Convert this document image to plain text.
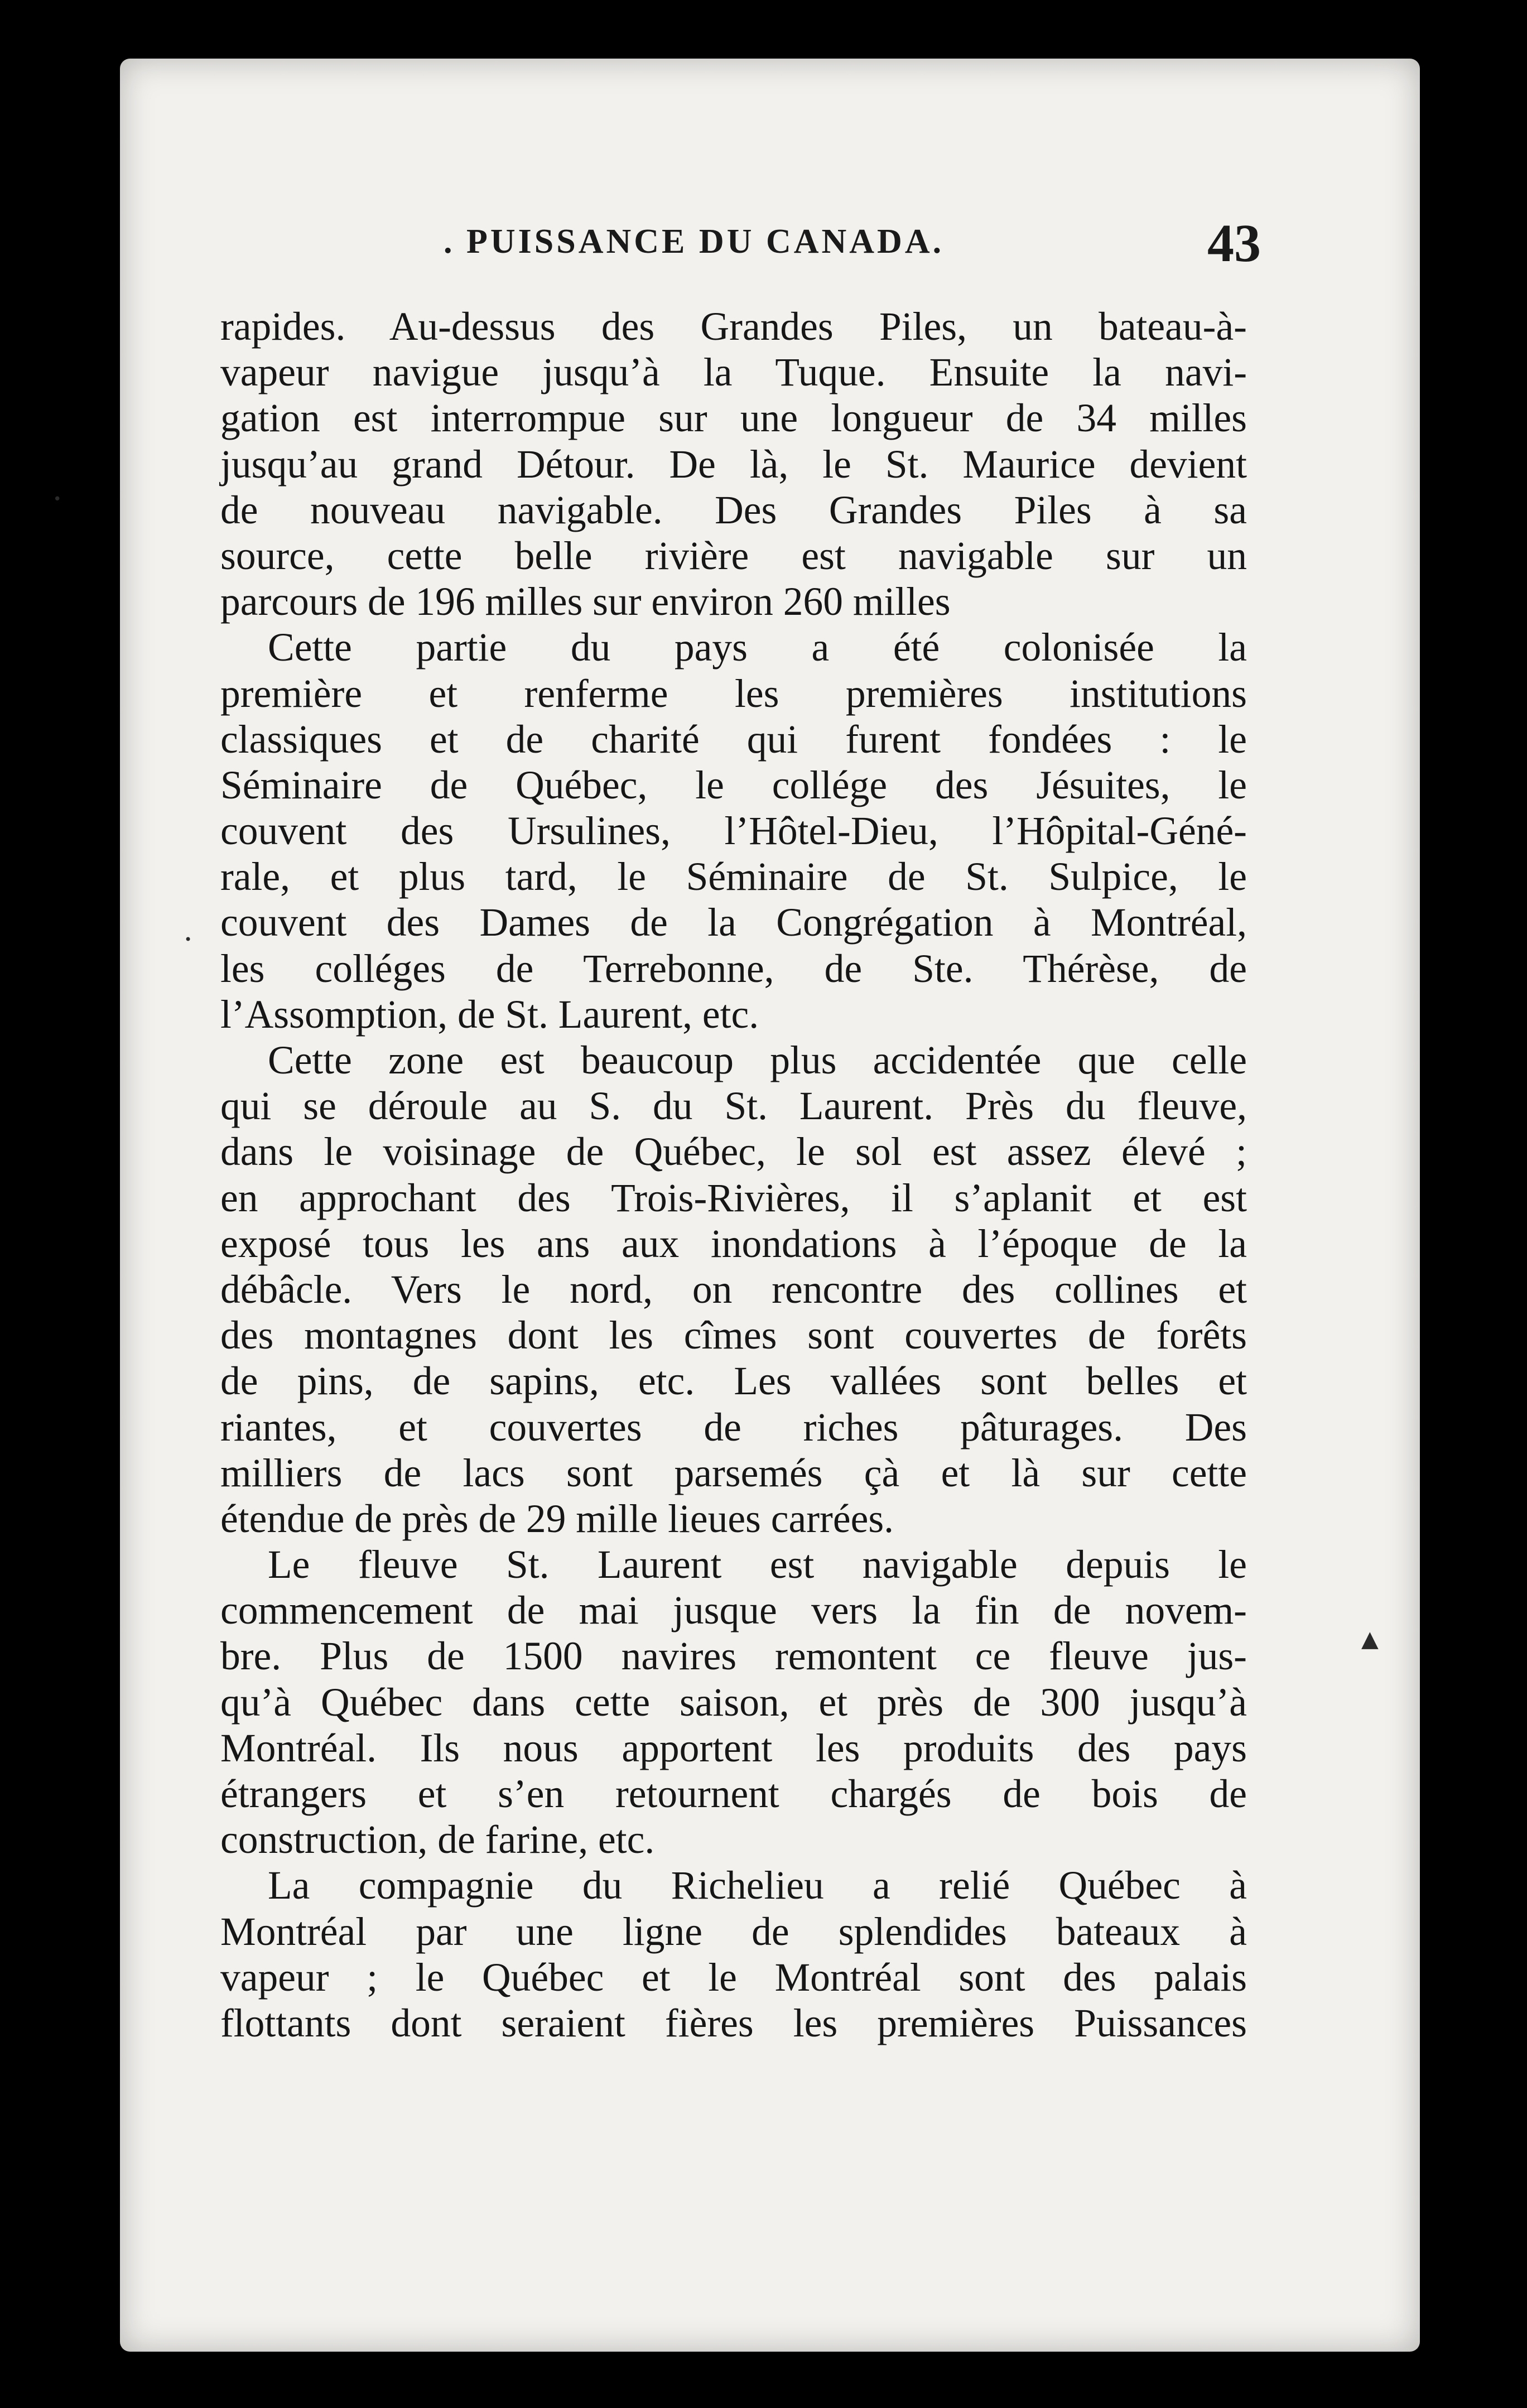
. PUISSANCE DU CANADA.	43
rapides. Au-dessus des Grandes Piles, un bateau-à-
vapeur navigue jusqu’à la Tuque. Ensuite la navi-
gation est interrompue sur une longueur de 34 milles
jusqu’au grand Détour. De là, le St. Maurice devient
de nouveau navigable. Des Grandes Piles à sa
source, cette belle rivière est navigable sur un
parcours de 196 milles sur environ 260 milles
Cette partie du pays a été colonisée la
première et renferme les premières institutions
classiques et de charité qui furent fondées : le
Séminaire de Québec, le collége des Jésuites, le
couvent des Ursulines, l’Hôtel-Dieu, l’Hôpital-Géné-
rale, et plus tard, le Séminaire de St. Sulpice, le
couvent des Dames de la Congrégation à Montréal,
les colléges de Terrebonne, de Ste. Thérèse, de
l’Assomption, de St. Laurent, etc.
Cette zone est beaucoup plus accidentée que celle
qui se déroule au S. du St. Laurent. Près du fleuve,
dans le voisinage de Québec, le sol est assez élevé ;
en approchant des Trois-Rivières, il s’aplanit et est
exposé tous les ans aux inondations à l’époque de la
débâcle. Vers le nord, on rencontre des collines et
des montagnes dont les cîmes sont couvertes de forêts
de pins, de sapins, etc. Les vallées sont belles et
riantes, et couvertes de riches pâturages. Des
milliers de lacs sont parsemés çà et là sur cette
étendue de près de 29 mille lieues carrées.
Le fleuve St. Laurent est navigable depuis le
commencement de mai jusque vers la fin de novem-
bre. Plus de 1500 navires remontent ce fleuve jus-
qu’à Québec dans cette saison, et près de 300 jusqu’à
Montréal. Ils nous apportent les produits des pays
étrangers et s’en retournent chargés de bois de
construction, de farine, etc.
La compagnie du Richelieu a relié Québec à
Montréal par une ligne de splendides bateaux à
vapeur ; le Québec et le Montréal sont des palais
flottants dont seraient fières les premières Puissances
▲
•
•
